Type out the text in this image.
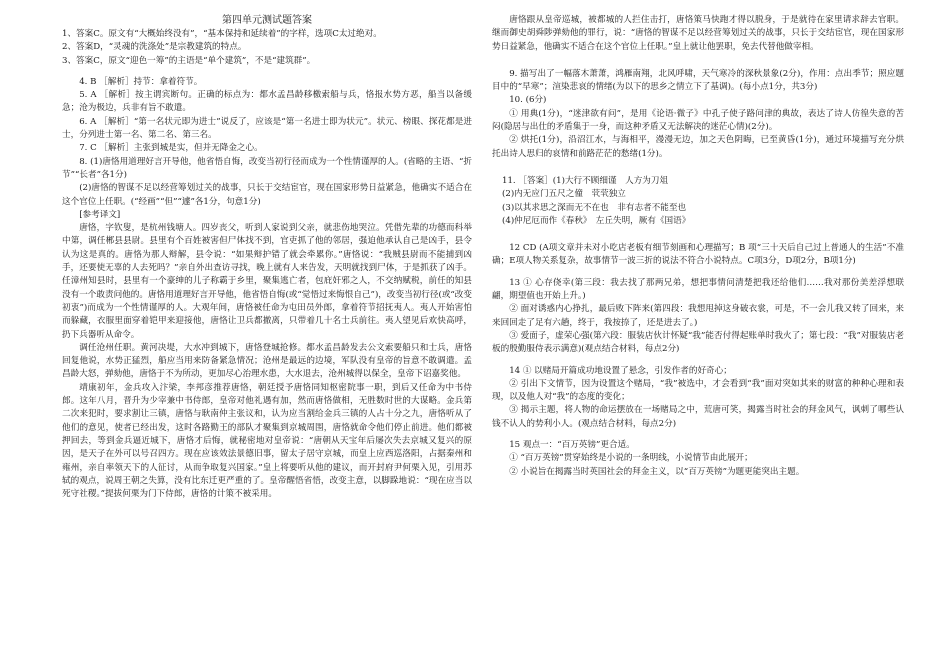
第四单元测试题答案

1、答案C。原文有“大概始终没有”，“基本保持和延续着”的字样，选项C太过绝对。

2、答案D，“灵魂的洗涤处”是宗教建筑的特点。

3、答案C，原文“迎色一筹”的主语是“单个建筑”，不是“建筑群”。

4. B ［解析］持节：拿着符节。

5. A ［解析］按主谓宾断句。正确的标点为：都水孟昌龄移檄索船与兵，恪报水势方恶，船当以备缓急；沧为极边，兵非有旨不敢遣。

6. A ［解析］“第一名状元即为进士”说反了，应该是“第一名进士即为状元”。状元、榜眼、探花都是进士，分列进士第一名、第二名、第三名。

7. C ［解析］主张到城是实，但并无降金之心。

8. (1)唐恪用道理好言开导他，他省悟自悔，改变当初行径而成为一个性情谨厚的人。(省略的主语、“折节”“长者”各1分)

(2)唐恪的智谋不足以经营筹划过关的战事，只长于交结宦官，现在国家形势日益紧急，他确实不适合在这个官位上任职。(“经画”“但”“遽”各1分，句意1分)

[参考译文]

唐恪，字钦叟，是杭州钱塘人。四岁丧父，听到人家说到父亲，就悲伤地哭泣。凭借先辈的功德而科举中第，调任郴县县尉。县里有个百姓被害但尸体找不到，官吏抓了他的邻居，强迫他承认自己是凶手，县令认为这是真的。唐恪为那人辩解，县令说：“如果辩护错了就会牵累你。”唐恪说：“我贼县尉而不能捕到凶手，还要使无辜的人去死吗？”亲自外出查访寻找，晚上就有人来告发，天明就找到尸体，于是抓获了凶手。任漳州知县时，县里有一个豪绅的儿子称霸于乡里，聚集逃亡者，包庇奸邪之人，不交纳赋税，前任的知县没有一个敢责问他的。唐恪用道理好言开导他，他省悟自悔(或“觉悟过来悔恨自己”)，改变当初行径(或“改变初衷”)而成为一个性情谨厚的人。大观年间，唐恪被任命为屯田员外郎，拿着符节招抚夷人。夷人开始害怕而躲藏，衣服里面穿着铠甲来迎接他，唐恪让卫兵都撤离，只带着几十名士兵前往。夷人望见后欢快高呼，扔下兵器听从命令。

调任沧州任职。黄河决堤，大水冲到城下，唐恪登城抢修。都水孟昌龄发去公文索要船只和士兵，唐恪回复他说，水势正猛烈，船应当用来防备紧急情况；沧州是最远的边境，军队没有皇帝的旨意不敢调遣。孟昌龄大怒，弹劾他，唐恪于不为所动，更加尽心治理水患，大水退去，沧州城得以保全，皇帝下诏嘉奖他。

靖康初年，金兵攻入汴梁，李邦彦推荐唐恪，朝廷授予唐恪同知枢密院事一职，到后又任命为中书侍郎。这年八月，晋升为少宰兼中书侍郎，皇帝对他礼遇有加，然而唐恪做相，无胜数时世的大谋略。金兵第二次来犯时，要求割让三镇，唐恪与耿南仲主张议和，认为应当割给金兵三镇的人占十分之九，唐恪听从了他们的意见，使者已经出发，这时各路勤王的部队才聚集到京城周围，唐恪就命令他们停止前进。他们都被押回去，等到金兵逼近城下，唐恪才后悔，就秘密地对皇帝说：“唐朝从天宝年后屡次失去京城又复兴的原因，是天子在外可以号召四方。现在应该效法景德旧事，留太子居守京城，而皇上应西巡洛阳，占据秦州和雍州，亲自率领天下的人征讨，从而争取复兴国家。”皇上将要听从他的建议，而开封府尹何栗入见，引用苏轼的观点，说周王朝之失算，没有比东迁更严重的了。皇帝醒悟省悟，改变主意，以脚跺地说：“现在应当以死守社稷。”提拔何栗为门下侍郎，唐恪的计策不被采用。

唐恪跟从皇帝巡城，被都城的人拦住击打，唐恪策马快跑才得以脱身，于是就待在家里请求辞去官职。继而御史胡舜陟弹劾他的罪行，说：“唐恪的智谋不足以经营筹划过关的战事，只长于交结宦官，现在国家形势日益紧急，他确实不适合在这个官位上任职。”皇上就让他罢职，免去代替他做宰相。

9. 描写出了一幅落木萧萧，鸿雁南翔，北风呼啸，天气寒冷的深秋景象(2分)，作用：点出季节；照应题目中的“早寒”；渲染悲哀的情绪(为以下的思乡之情立下了基调)。(每小点1分，共3分)

10. (6分)

① 用典(1分)，“迷津欲有问”，是用《论语·微子》中孔子使子路问津的典故，表达了诗人仿徨失意的苦闷(隐居与出仕的矛盾集于一身，而这种矛盾又无法解决的迷茫心情)(2分)。

② 烘托(1分)，沿沼江水，与海相平，漫漫无边，加之天色阴晦，已至黄昏(1分)，通过环境描写充分烘托出诗人思归的哀情和前路茫茫的愁绪(1分)。

11. ［答案］(1)大行不顾细谨　人方为刀俎

(2)内无应门五尺之僮　茕茕独立

(3)以其求思之深而无不在也　非有志者不能至也

(4)仲尼厄而作《春秋》　左丘失明，厥有《国语》

12 CD (A项文章并未对小吃店老板有细节刻画和心理描写；B 项“三十天后自己过上普通人的生活”不准确；E项人物关系复杂，故事情节一波三折的说法不符合小说特点。C项3分，D项2分，B项1分)

13 ① 心存侥幸(第三段：我去找了那两兄弟，想把事情问清楚把我还给他们……我对那份美差浮想联翩，期望值也开始上升。)

② 面对诱惑内心挣扎，最后败下阵来(第四段：我想甩掉这身破衣裳，可是，不一会儿我又转了回来，来来回回走了足有六趟，终于，我按捺了，还是进去了。)

③ 爱面子，虚荣心强(第六段：服装店伙计怀疑“我”能否付得起账单时我火了；第七段：“我”对服装店老板的殷勤服侍表示满意)(观点结合材料，每点2分)

14 ① 以赌局开篇成功地设置了悬念，引发作者的好奇心；

② 引出下文情节，因为设置这个赌局，“我”被选中，才会看到“我”面对突如其来的财富的种种心理和表现，以及他人对“我”的态度的变化；

③ 揭示主题，将人物的命运摆放在一场赌局之中，荒唐可笑，揭露当时社会的拜金风气，讽刺了哪些认钱不认人的势利小人。(观点结合材料，每点2分)

15 观点一：“百万英镑”更合适。

① “百万英镑”贯穿始终是小说的一条明线，小说情节由此展开；

② 小说旨在揭露当时英国社会的拜金主义，以“百万英镑”为题更能突出主题。
